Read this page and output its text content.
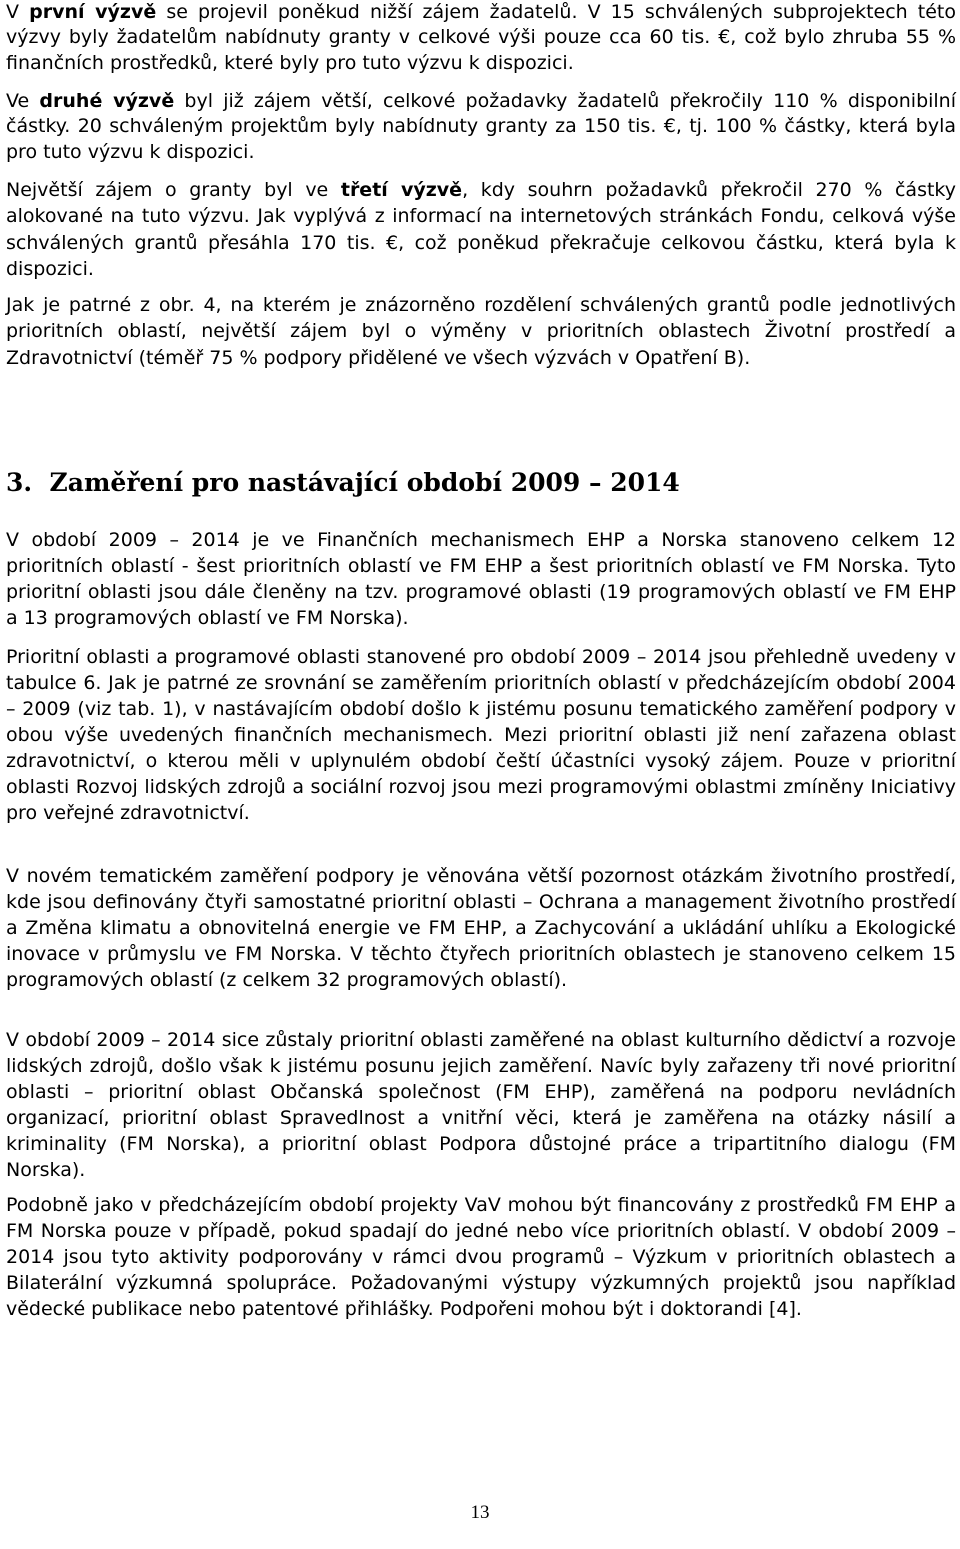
V první výzvě se projevil poněkud nižší zájem žadatelů. V 15 schválených subprojektech této výzvy byly žadatelům nabídnuty granty v celkové výši pouze cca 60 tis. €, což bylo zhruba 55 % finančních prostředků, které byly pro tuto výzvu k dispozici.

Ve druhé výzvě byl již zájem větší, celkové požadavky žadatelů překročily 110 % disponibilní částky. 20 schváleným projektům byly nabídnuty granty za 150 tis. €, tj. 100 % částky, která byla pro tuto výzvu k dispozici.

Největší zájem o granty byl ve třetí výzvě, kdy souhrn požadavků překročil 270 % částky alokované na tuto výzvu. Jak vyplývá z informací na internetových stránkách Fondu, celková výše schválených grantů přesáhla 170 tis. €, což poněkud překračuje celkovou částku, která byla k dispozici.

Jak je patrné z obr. 4, na kterém je znázorněno rozdělení schválených grantů podle jednotlivých prioritních oblastí, největší zájem byl o výměny v prioritních oblastech Životní prostředí a Zdravotnictví (téměř 75 % podpory přidělené ve všech výzvách v Opatření B).

3. Zaměření pro nastávající období 2009 – 2014

V období 2009 – 2014 je ve Finančních mechanismech EHP a Norska stanoveno celkem 12 prioritních oblastí - šest prioritních oblastí ve FM EHP a šest prioritních oblastí ve FM Norska. Tyto prioritní oblasti jsou dále členěny na tzv. programové oblasti (19 programových oblastí ve FM EHP a 13 programových oblastí ve FM Norska).

Prioritní oblasti a programové oblasti stanovené pro období 2009 – 2014 jsou přehledně uvedeny v tabulce 6. Jak je patrné ze srovnání se zaměřením prioritních oblastí v předcházejícím období 2004 – 2009 (viz tab. 1), v nastávajícím období došlo k jistému posunu tematického zaměření podpory v obou výše uvedených finančních mechanismech. Mezi prioritní oblasti již není zařazena oblast zdravotnictví, o kterou měli v uplynulém období čeští účastníci vysoký zájem. Pouze v prioritní oblasti Rozvoj lidských zdrojů a sociální rozvoj jsou mezi programovými oblastmi zmíněny Iniciativy pro veřejné zdravotnictví.

V novém tematickém zaměření podpory je věnována větší pozornost otázkám životního prostředí, kde jsou definovány čtyři samostatné prioritní oblasti – Ochrana a management životního prostředí a Změna klimatu a obnovitelná energie ve FM EHP, a Zachycování a ukládání uhlíku a Ekologické inovace v průmyslu ve FM Norska. V těchto čtyřech prioritních oblastech je stanoveno celkem 15 programových oblastí (z celkem 32 programových oblastí).

V období 2009 – 2014 sice zůstaly prioritní oblasti zaměřené na oblast kulturního dědictví a rozvoje lidských zdrojů, došlo však k jistému posunu jejich zaměření. Navíc byly zařazeny tři nové prioritní oblasti – prioritní oblast Občanská společnost (FM EHP), zaměřená na podporu nevládních organizací, prioritní oblast Spravedlnost a vnitřní věci, která je zaměřena na otázky násilí a kriminality (FM Norska), a prioritní oblast Podpora důstojné práce a tripartitního dialogu (FM Norska).

Podobně jako v předcházejícím období projekty VaV mohou být financovány z prostředků FM EHP a FM Norska pouze v případě, pokud spadají do jedné nebo více prioritních oblastí. V období 2009 – 2014 jsou tyto aktivity podporovány v rámci dvou programů – Výzkum v prioritních oblastech a Bilaterální výzkumná spolupráce. Požadovanými výstupy výzkumných projektů jsou například vědecké publikace nebo patentové přihlášky. Podpořeni mohou být i doktorandi [4].

13
